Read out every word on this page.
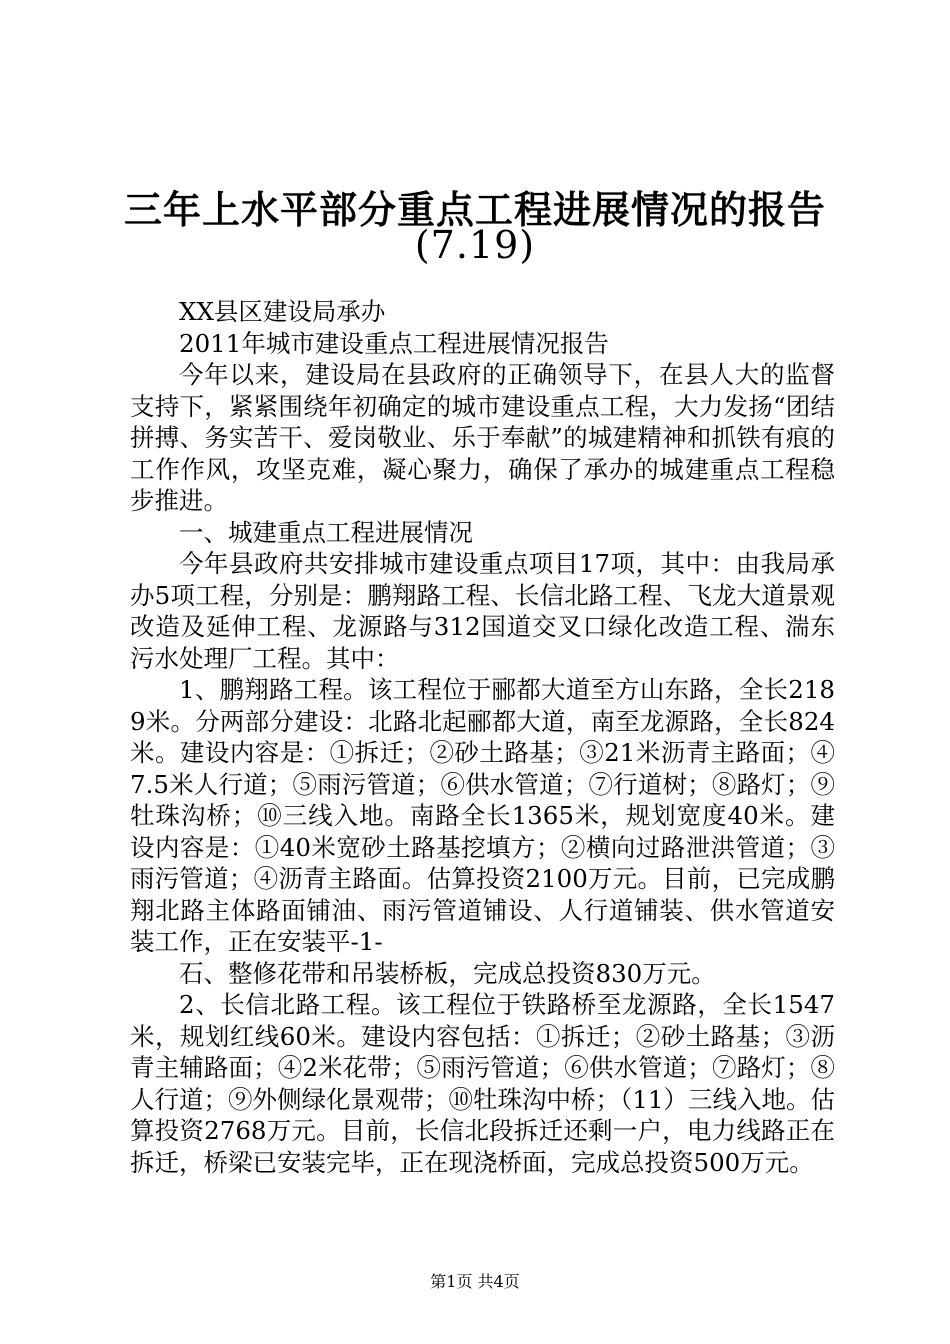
三年上水平部分重点工程进展情况的报告
(7.19)

XX县区建设局承办

2011年城市建设重点工程进展情况报告

今年以来，建设局在县政府的正确领导下，在县人大的监督支持下，紧紧围绕年初确定的城市建设重点工程，大力发扬“团结拼搏、务实苦干、爱岗敬业、乐于奉献”的城建精神和抓铁有痕的工作作风，攻坚克难，凝心聚力，确保了承办的城建重点工程稳步推进。

一、城建重点工程进展情况

今年县政府共安排城市建设重点项目17项，其中：由我局承办5项工程，分别是：鹏翔路工程、长信北路工程、飞龙大道景观改造及延伸工程、龙源路与312国道交叉口绿化改造工程、湍东污水处理厂工程。其中：

1、鹏翔路工程。该工程位于郦都大道至方山东路，全长2189米。分两部分建设：北路北起郦都大道，南至龙源路，全长824米。建设内容是：①拆迁；②砂土路基；③21米沥青主路面；④7.5米人行道；⑤雨污管道；⑥供水管道；⑦行道树；⑧路灯；⑨牡珠沟桥；⑩三线入地。南路全长1365米，规划宽度40米。建设内容是：①40米宽砂土路基挖填方；②横向过路泄洪管道；③雨污管道；④沥青主路面。估算投资2100万元。目前，已完成鹏翔北路主体路面铺油、雨污管道铺设、人行道铺装、供水管道安装工作，正在安装平-1-

石、整修花带和吊装桥板，完成总投资830万元。

2、长信北路工程。该工程位于铁路桥至龙源路，全长1547米，规划红线60米。建设内容包括：①拆迁；②砂土路基；③沥青主辅路面；④2米花带；⑤雨污管道；⑥供水管道；⑦路灯；⑧人行道；⑨外侧绿化景观带；⑩牡珠沟中桥；（11）三线入地。估算投资2768万元。目前，长信北段拆迁还剩一户，电力线路正在拆迁，桥梁已安装完毕，正在现浇桥面，完成总投资500万元。

第1页 共4页
